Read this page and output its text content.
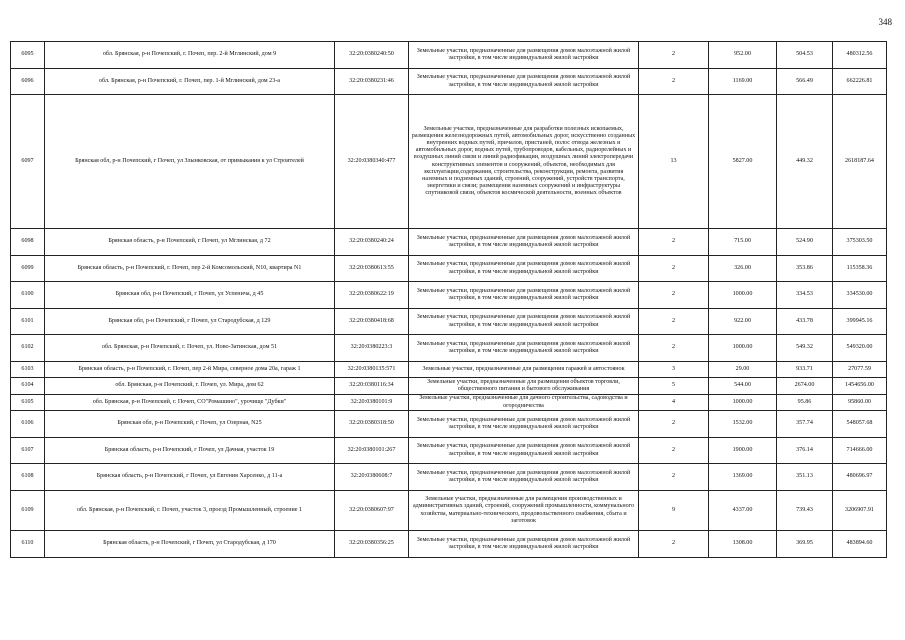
348
6095	обл. Брянская, р-н Почепский, г. Почеп, пер. 2-й Мглинский, дом 9	32:20:0380240:50	Земельные участки, предназначенные для размещения домов малоэтажной жилой застройки, в том числе индивидуальной жилой застройки	2	952.00	504.53	480312.56
6096	обл. Брянская, р-н Почепский, г. Почеп, пер. 1-й Мглинский, дом 23-а	32:20:0380231:46	Земельные участки, предназначенные для размещения домов малоэтажной жилой застройки, в том числе индивидуальной жилой застройки	2	1169.00	566.49	662226.81
6097	Брянская обл, р-н Почепский, г Почеп, ул Злынковская, от примыкания к ул Строителей	32:20:0380340:477	Земельные участки, предназначенные для разработки полезных ископаемых, размещения железнодорожных путей, автомобильных дорог, искусственно созданных внутренних водных путей, причалов, пристаней, полос отвода железных и автомобильных дорог, водных путей, трубопроводов, кабельных, радиорелейных и воздушных линий связи и линий радиофикации, воздушных линий электропередачи конструктивных элементов и сооружений, объектов, необходимых для эксплуатации,содержания, строительства, реконструкции, ремонта, развития наземных и подземных зданий, строений, сооружений, устройств транспорта, энергетики и связи; размещения наземных сооружений и инфраструктуры спутниковой связи, объектов космической деятельности, военных объектов	13	5827.00	449.32	2618187.64
6098	Брянская область, р-н Почепский, г Почеп, ул Мглинская, д 72	32:20:0380240:24	Земельные участки, предназначенные для размещения домов малоэтажной жилой застройки, в том числе индивидуальной жилой застройки	2	715.00	524.90	375303.50
6099	Брянская область, р-н Почепский, г. Почеп, пер 2-й Комсомольский, N10, квартира N1	32:20:0380613:55	Земельные участки, предназначенные для размещения домов малоэтажной жилой застройки, в том числе индивидуальной жилой застройки	2	326.00	353.86	115358.36
6100	Брянская обл, р-н Почепский, г Почеп, ул Успенича, д 45	32:20:0380622:19	Земельные участки, предназначенные для размещения домов малоэтажной жилой застройки, в том числе индивидуальной жилой застройки	2	1000.00	334.53	334530.00
6101	Брянская обл, р-н Почепский, г Почеп, ул Стародубская, д 129	32:20:0380418:68	Земельные участки, предназначенные для размещения домов малоэтажной жилой застройки, в том числе индивидуальной жилой застройки	2	922.00	433.78	399945.16
6102	обл. Брянская, р-н Почепский, г. Почеп, ул. Ново-Затинская, дом 51	32:20:0380223:3	Земельные участки, предназначенные для размещения домов малоэтажной жилой застройки, в том числе индивидуальной жилой застройки	2	1000.00	549.32	549320.00
6103	Брянская область, р-н Почепский, г. Почеп, пер 2-й Мира, северное дома 20а, гараж 1	32:20:0380135:571	Земельные участки, предназначенные для размещения гаражей и автостоянок	3	29.00	933.71	27077.59
6104	обл. Брянская, р-н Почепский, г. Почеп, ул. Мира, дом 62	32:20:0380116:34	Земельные участки, предназначенные для размещения объектов торговли, общественного питания и бытового обслуживания	5	544.00	2674.00	1454656.00
6105	обл. Брянская, р-н Почепский, г. Почеп, СО"Ромашино", урочище "Дубки"	32:20:0380101:9	Земельные участки, предназначенные для дачного строительства, садоводства и огородничества	4	1000.00	95.86	95860.00
6106	Брянская обл, р-н Почепский, г Почеп, ул Озерная, N25	32:20:0380318:50	Земельные участки, предназначенные для размещения домов малоэтажной жилой застройки, в том числе индивидуальной жилой застройки	2	1532.00	357.74	548057.68
6107	Брянская область, р-н Почепский, г Почеп, ул Дачная, участок 19	32:20:0380101:267	Земельные участки, предназначенные для размещения домов малоэтажной жилой застройки, в том числе индивидуальной жилой застройки	2	1900.00	376.14	714666.00
6108	Брянская область, р-н Почепский, г Почеп, ул Евгения Харсенко, д 11-а	32:20:0380608:7	Земельные участки, предназначенные для размещения домов малоэтажной жилой застройки, в том числе индивидуальной жилой застройки	2	1369.00	351.13	480696.97
6109	обл. Брянская, р-н Почепский, г. Почеп, участок 3, проезд Промышленный, строение 1	32:20:0380607:97	Земельные участки, предназначенные для размещения производственных и административных зданий, строений, сооружений промышленности, коммунального хозяйства, материально-технического, продовольственного снабжения, сбыта и заготовок	9	4337.00	739.43	3206907.91
6110	Брянская область, р-н Почепский, г Почеп, ул Стародубская, д 170	32:20:0380356:25	Земельные участки, предназначенные для размещения домов малоэтажной жилой застройки, в том числе индивидуальной жилой застройки	2	1308.00	369.95	483894.60
